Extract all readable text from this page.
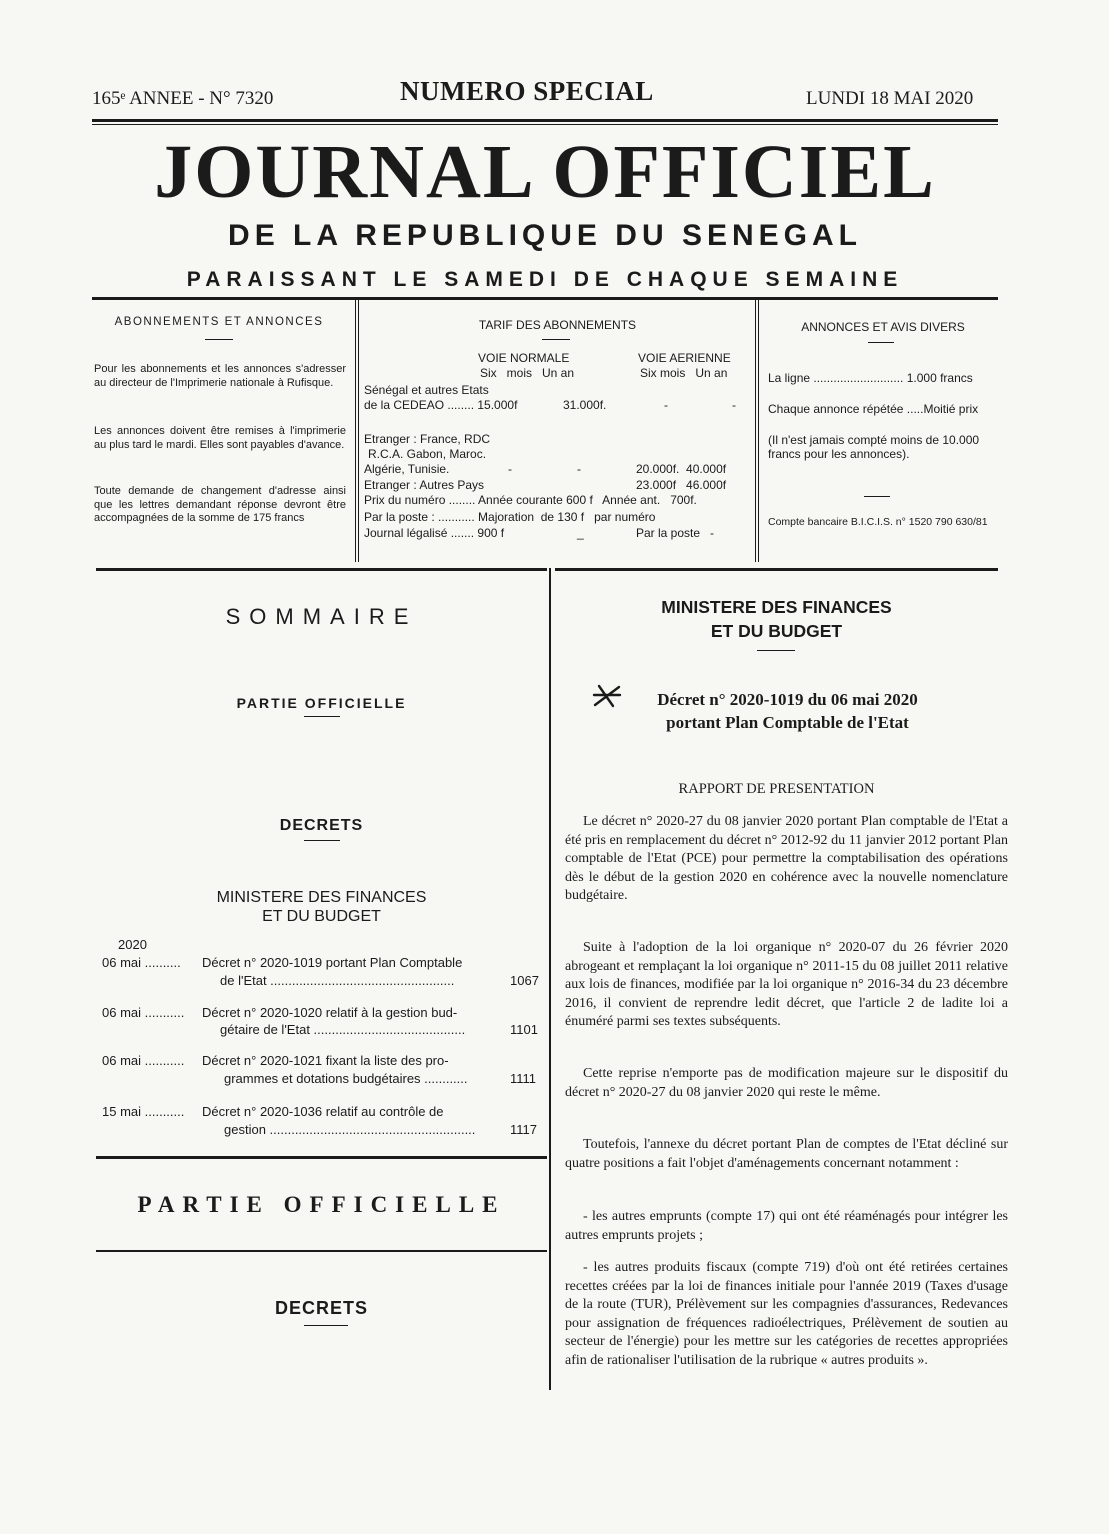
165ᵉ ANNEE - N° 7320	NUMERO SPECIAL	LUNDI 18 MAI 2020
JOURNAL OFFICIEL
DE LA REPUBLIQUE DU SENEGAL
PARAISSANT LE SAMEDI DE CHAQUE SEMAINE
ABONNEMENTS ET ANNONCES
Pour les abonnements et les annonces s'adresser au directeur de l'Imprimerie nationale à Rufisque.
Les annonces doivent être remises à l'imprimerie au plus tard le mardi. Elles sont payables d'avance.
Toute demande de changement d'adresse ainsi que les lettres demandant réponse devront être accompagnées de la somme de 175 francs
TARIF DES ABONNEMENTS
VOIE NORMALE	VOIE AERIENNE
Six   mois   Un an	Six mois   Un an
Sénégal et autres Etats
de la CEDEAO ........ 15.000f	31.000f.	-	-
Etranger : France, RDC
R.C.A. Gabon, Maroc.
Algérie, Tunisie.	-	-	20.000f.  40.000f
Etranger : Autres Pays	23.000f   46.000f
Prix du numéro ........ Année courante 600 f   Année ant.   700f.
Par la poste : ........... Majoration  de 130 f   par numéro
Journal légalisé ....... 900 f	_	Par la poste   -
ANNONCES ET AVIS DIVERS
La ligne ........................... 1.000 francs
Chaque annonce répétée .....Moitié prix
(Il n'est jamais compté moins de 10.000 francs pour les annonces).
Compte bancaire B.I.C.I.S. n° 1520 790 630/81
SOMMAIRE
PARTIE OFFICIELLE
DECRETS
MINISTERE DES FINANCES
ET DU BUDGET
2020
06 mai .......... Décret n° 2020-1019 portant Plan Comptable
de l'Etat ...................................................	1067
06 mai ........... Décret n° 2020-1020 relatif à la gestion bud-
gétaire de l'Etat ..........................................	1101
06 mai ........... Décret n° 2020-1021 fixant la liste des pro-
grammes et dotations budgétaires ............	1111
15 mai ........... Décret n° 2020-1036 relatif au contrôle de
gestion .........................................................	1117
PARTIE OFFICIELLE
DECRETS
MINISTERE DES FINANCES
ET DU BUDGET
Décret n° 2020-1019 du 06 mai 2020
portant Plan Comptable de l'Etat
RAPPORT DE PRESENTATION
Le décret n° 2020-27 du 08 janvier 2020 portant Plan comptable de l'Etat a été pris en remplacement du décret n° 2012-92 du 11 janvier 2012 portant Plan comptable de l'Etat (PCE) pour permettre la comptabilisation des opérations dès le début de la gestion 2020 en cohérence avec la nouvelle nomenclature budgétaire.
Suite à l'adoption de la loi organique n° 2020-07 du 26 février 2020 abrogeant et remplaçant la loi organique n° 2011-15 du 08 juillet 2011 relative aux lois de finances, modifiée par la loi organique n° 2016-34 du 23 décembre 2016, il convient de reprendre ledit décret, que l'article 2 de ladite loi a énuméré parmi ses textes subséquents.
Cette reprise n'emporte pas de modification majeure sur le dispositif du décret n° 2020-27 du 08 janvier 2020 qui reste le même.
Toutefois, l'annexe du décret portant Plan de comptes de l'Etat décliné sur quatre positions a fait l'objet d'aménagements concernant notamment :
- les autres emprunts (compte 17) qui ont été réaménagés pour intégrer les autres emprunts projets ;
- les autres produits fiscaux (compte 719) d'où ont été retirées certaines recettes créées par la loi de finances initiale pour l'année 2019 (Taxes d'usage de la route (TUR), Prélèvement sur les compagnies d'assurances, Redevances pour assignation de fréquences radioélectriques, Prélèvement de soutien au secteur de l'énergie) pour les mettre sur les catégories de recettes appropriées afin de rationaliser l'utilisation de la rubrique « autres produits ».
